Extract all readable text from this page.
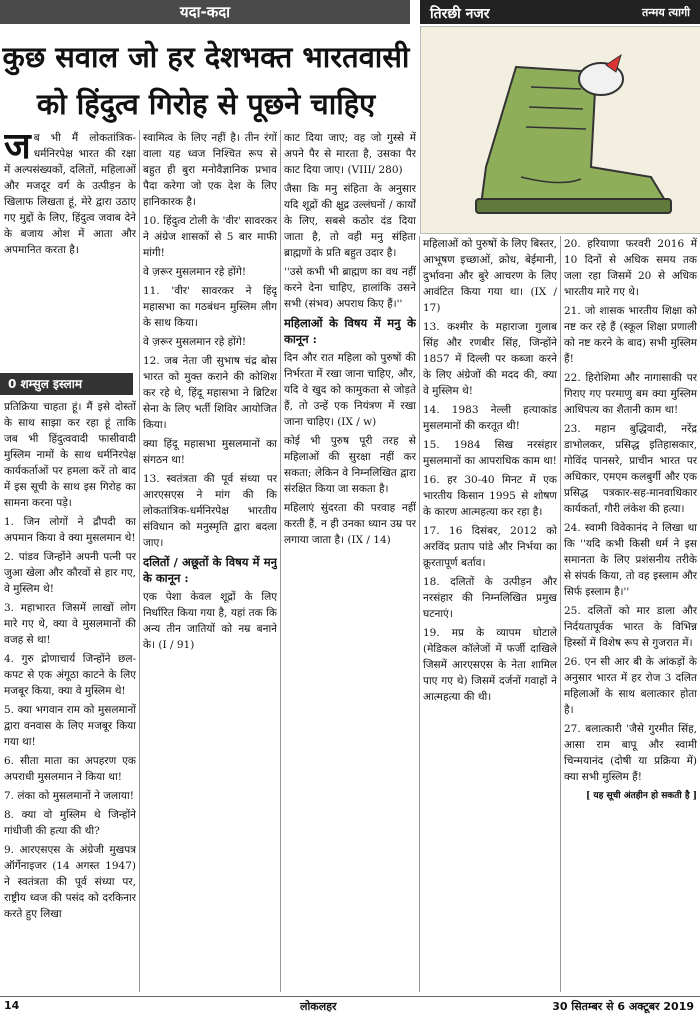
यदा-कदा	तिरछी नजर	तन्मय त्यागी
कुछ सवाल जो हर देशभक्त भारतवासी
को हिंदुत्व गिरोह से पूछने चाहिए
ज ब भी मैं लोकतांत्रिक-धर्मनिरपेक्ष भारत की रक्षा में अल्पसंख्यकों, दलितों, महिलाओं और मजदूर वर्ग के उत्पीड़न के खिलाफ लिखता हूं, मेरे द्वारा उठाए गए मुद्दों के लिए, हिंदुत्व जवाब देने के बजाय ओश में आता और अपमानित करता है।
0 शम्सुल इस्लाम

प्रतिक्रिया चाहता हूं। मैं इसे दोस्तों के साथ साझा कर रहा हूं ताकि जब भी हिंदुत्ववादी फासीवादी मुस्लिम नामों के साथ धर्मनिरपेक्ष कार्यकर्ताओं पर हमला करें तो बाद में इस सूची के साथ इस गिरोह का सामना करना पड़े।

1. जिन लोगों ने द्रौपदी का अपमान किया वे क्या मुसलमान थे!

2. पांडव जिन्होंने अपनी पत्नी पर जुआ खेला और कौरवों से हार गए, वे मुस्लिम थे!

3. महाभारत जिसमें लाखों लोग मारे गए थे, क्या वे मुसलमानों की वजह से था!

4. गुरु द्रोणाचार्य जिन्होंने छल-कपट से एक अंगूठा काटने के लिए मजबूर किया, क्या वे मुस्लिम थे!

5. क्या भगवान राम को मुसलमानों द्वारा वनवास के लिए मजबूर किया गया था!

6. सीता माता का अपहरण एक अपराधी मुसलमान ने किया था!

7. लंका को मुसलमानों ने जलाया!

8. क्या वो मुस्लिम थे जिन्होंने गांधीजी की हत्या की थी?

9. आरएसएस के अंग्रेजी मुखपत्र ऑर्गेनाइजर (14 अगस्त 1947) ने स्वतंत्रता की पूर्व संध्या पर, राष्ट्रीय ध्वज की पसंद को दरकिनार करते हुए लिखा

स्वामित्व के लिए नहीं है। तीन रंगों वाला यह ध्वज निश्चित रूप से बहुत ही बुरा मनोवैज्ञानिक प्रभाव पैदा करेगा जो एक देश के लिए हानिकारक है।

10. हिंदुत्व टोली के 'वीर' सावरकर ने अंग्रेज शासकों से 5 बार माफी मांगी!

वे ज़रूर मुसलमान रहे होंगे!

11. 'वीर' सावरकर ने हिंदू महासभा का गठबंधन मुस्लिम लीग के साथ किया।

वे ज़रूर मुसलमान रहे होंगे!

12. जब नेता जी सुभाष चंद्र बोस भारत को मुक्त कराने की कोशिश कर रहे थे, हिंदू महासभा ने ब्रिटिश सेना के लिए भर्ती शिविर आयोजित किया।

क्या हिंदू महासभा मुसलमानों का संगठन था!

13. स्वतंत्रता की पूर्व संध्या पर आरएसएस ने मांग की कि लोकतांत्रिक-धर्मनिरपेक्ष भारतीय संविधान को मनुस्मृति द्वारा बदला जाए।

दलितों / अछूतों के विषय में मनु के कानून :

एक पेशा केवल शूद्रों के लिए निर्धारित किया गया है, यहां तक कि अन्य तीन जातियों को नम्र बनाने के। (I / 91)

काट दिया जाए; वह जो गुस्से में अपने पैर से मारता है, उसका पैर काट दिया जाए। (VIII/ 280)

जैसा कि मनु संहिता के अनुसार यदि शूद्रों की क्षुद्र उल्लंघनों / कार्यों के लिए, सबसे कठोर दंड दिया जाता है, तो वही मनु संहिता ब्राह्मणों के प्रति बहुत उदार है।

''उसे कभी भी ब्राह्मण का वध नहीं करने देना चाहिए, हालांकि उसने सभी (संभव) अपराध किए हैं।''

महिलाओं के विषय में मनु के कानून :

दिन और रात महिला को पुरुषों की निर्भरता में रखा जाना चाहिए, और, यदि वे खुद को कामुकता से जोड़ते हैं, तो उन्हें एक नियंत्रण में रखा जाना चाहिए। (IX / w)

कोई भी पुरुष पूरी तरह से महिलाओं की सुरक्षा नहीं कर सकता; लेकिन वे निम्नलिखित द्वारा संरक्षित किया जा सकता है।

महिलाएं सुंदरता की परवाह नहीं करती हैं, न ही उनका ध्यान उम्र पर लगाया जाता है। (IX / 14)

महिलाओं को पुरुषों के लिए बिस्तर, आभूषण इच्छाओं, क्रोध, बेईमानी, दुर्भावना और बुरे आचरण के लिए आवंटित किया गया था। (IX / 17)

13. कश्मीर के महाराजा गुलाब सिंह और रणबीर सिंह, जिन्होंने 1857 में दिल्ली पर कब्जा करने के लिए अंग्रेजों की मदद की, क्या वे मुस्लिम थे!

14. 1983 नेल्ली हत्याकांड मुसलमानों की करतूत थी!

15. 1984 सिख नरसंहार मुसलमानों का आपराधिक काम था!

16. हर 30-40 मिनट में एक भारतीय किसान 1995 से शोषण के कारण आत्महत्या कर रहा है।

17. 16 दिसंबर, 2012 को अरविंद प्रताप पांडे और निर्भया का क्रूरतापूर्ण बर्ताव।

18. दलितों के उत्पीड़न और नरसंहार की निम्नलिखित प्रमुख घटनाएं।

19. मप्र के व्यापम घोटाले (मेडिकल कॉलेजों में फर्जी दाखिले जिसमें आरएसएस के नेता शामिल पाए गए थे) जिसमें दर्जनों गवाहों ने आत्महत्या की थी।

20. हरियाणा फरवरी 2016 में 10 दिनों से अधिक समय तक जला रहा जिसमें 20 से अधिक भारतीय मारे गए थे।

21. जो शासक भारतीय शिक्षा को नष्ट कर रहे हैं (स्कूल शिक्षा प्रणाली को नष्ट करने के बाद) सभी मुस्लिम हैं!

22. हिरोशिमा और नागासाकी पर गिराए गए परमाणु बम क्या मुस्लिम आधिपत्य का शैतानी काम था!

23. महान बुद्धिवादी, नरेंद्र डाभोलकर, प्रसिद्ध इतिहासकार, गोविंद पानसरे, प्राचीन भारत पर अधिकार, एमएम कलबुर्गी और एक प्रसिद्ध पत्रकार-सह-मानवाधिकार कार्यकर्ता, गौरी लंकेश की हत्या।

24. स्वामी विवेकानंद ने लिखा था कि ''यदि कभी किसी धर्म ने इस समानता के लिए प्रशंसनीय तरीके से संपर्क किया, तो वह इस्लाम और सिर्फ इस्लाम है।''

25. दलितों को मार डाला और निर्दयतापूर्वक भारत के विभिन्न हिस्सों में विशेष रूप से गुजरात में।

26. एन सी आर बी के आंकड़ों के अनुसार भारत में हर रोज 3 दलित महिलाओं के साथ बलात्कार होता है।

27. बलात्कारी 'जैसे गुरमीत सिंह, आसा राम बापू और स्वामी चिन्मयानंद (दोषी या प्रक्रिया में) क्या सभी मुस्लिम हैं!

[ यह सूची अंतहीन हो सकती है ]

14	लोकलहर	30 सितम्बर से 6 अक्टूबर 2019
